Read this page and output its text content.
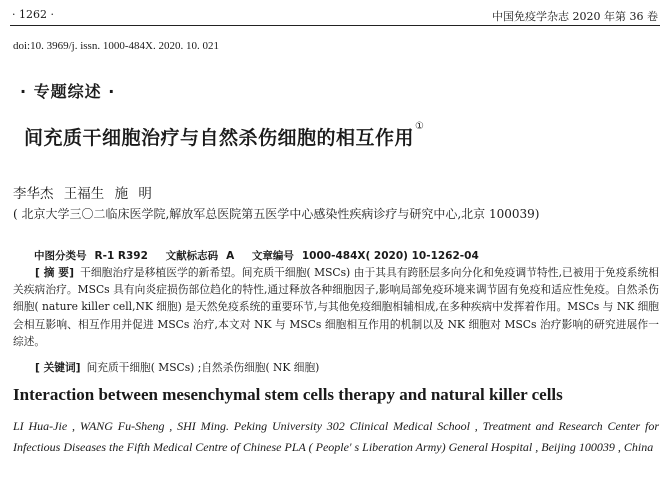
· 1262 ·	中国免疫学杂志 2020 年第 36 卷
doi:10. 3969/j. issn. 1000-484X. 2020. 10. 021
· 专题综述 ·
间充质干细胞治疗与自然杀伤细胞的相互作用①
李华杰 王福生 施 明
( 北京大学三〇二临床医学院,解放军总医院第五医学中心感染性疾病诊疗与研究中心,北京 100039)
中图分类号 R-1 R392 文献标志码 A 文章编号 1000-484X( 2020) 10-1262-04
[ 摘 要] 干细胞治疗是移植医学的新希望。间充质干细胞( MSCs) 由于其具有跨胚层多向分化和免疫调节特性,已被用于免疫系统相关疾病治疗。MSCs 具有向炎症损伤部位趋化的特性,通过释放各种细胞因子,影响局部免疫环境来调节固有免疫和适应性免疫。自然杀伤细胞( nature killer cell,NK 细胞) 是天然免疫系统的重要环节,与其他免疫细胞相辅相成,在多种疾病中发挥着作用。MSCs 与 NK 细胞会相互影响、相互作用并促进 MSCs 治疗,本文对 NK 与 MSCs 细胞相互作用的机制以及 NK 细胞对 MSCs 治疗影响的研究进展作一综述。
[ 关键词] 间充质干细胞( MSCs) ;自然杀伤细胞( NK 细胞)
Interaction between mesenchymal stem cells therapy and natural killer cells
LI Hua-Jie , WANG Fu-Sheng , SHI Ming. Peking University 302 Clinical Medical School , Treatment and Research Center for Infectious Diseases the Fifth Medical Centre of Chinese PLA ( People' s Liberation Army) General Hospital , Beijing 100039 , China
